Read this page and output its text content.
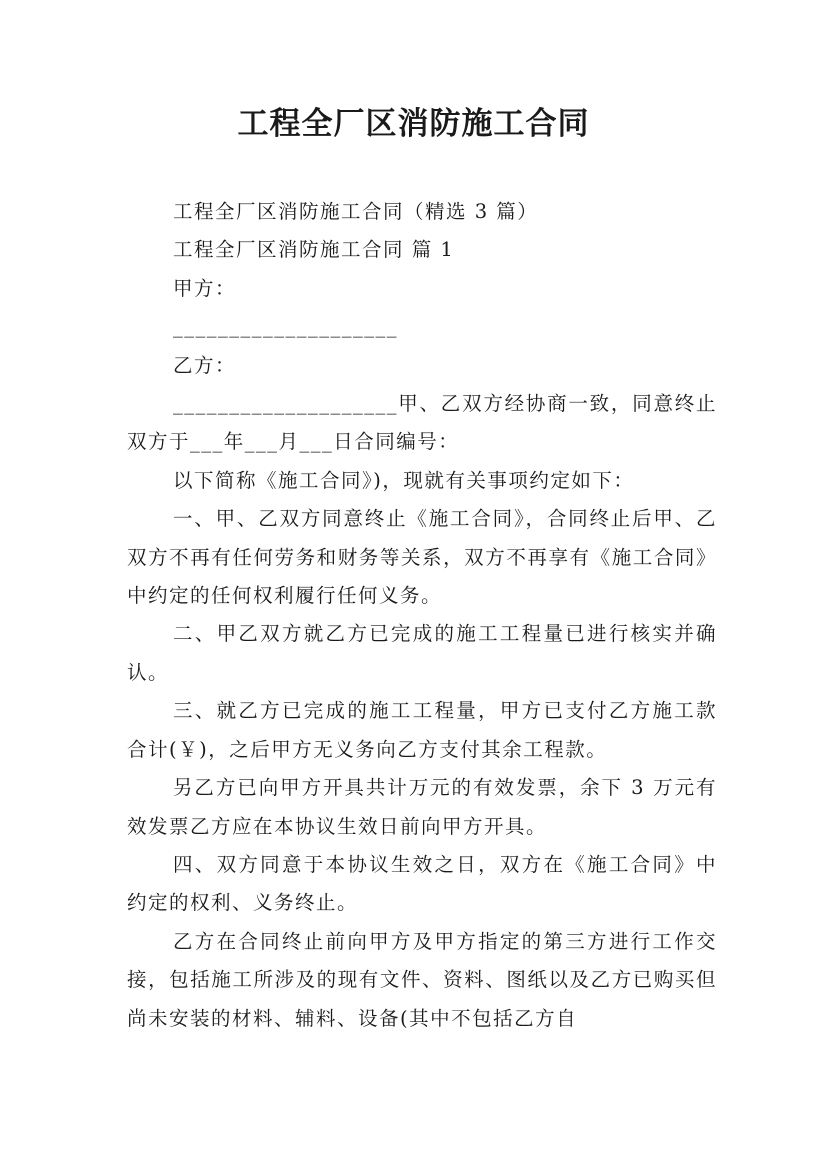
工程全厂区消防施工合同

工程全厂区消防施工合同（精选 3 篇）

工程全厂区消防施工合同 篇 1

甲方：

____________________

乙方：

____________________甲、乙双方经协商一致，同意终止双方于___年___月___日合同编号：

以下简称《施工合同》)，现就有关事项约定如下：

一、甲、乙双方同意终止《施工合同》，合同终止后甲、乙双方不再有任何劳务和财务等关系，双方不再享有《施工合同》中约定的任何权利履行任何义务。

二、甲乙双方就乙方已完成的施工工程量已进行核实并确认。

三、就乙方已完成的施工工程量，甲方已支付乙方施工款合计(￥)，之后甲方无义务向乙方支付其余工程款。

另乙方已向甲方开具共计万元的有效发票，余下 3 万元有效发票乙方应在本协议生效日前向甲方开具。

四、双方同意于本协议生效之日，双方在《施工合同》中约定的权利、义务终止。

乙方在合同终止前向甲方及甲方指定的第三方进行工作交接，包括施工所涉及的现有文件、资料、图纸以及乙方已购买但尚未安装的材料、辅料、设备(其中不包括乙方自
